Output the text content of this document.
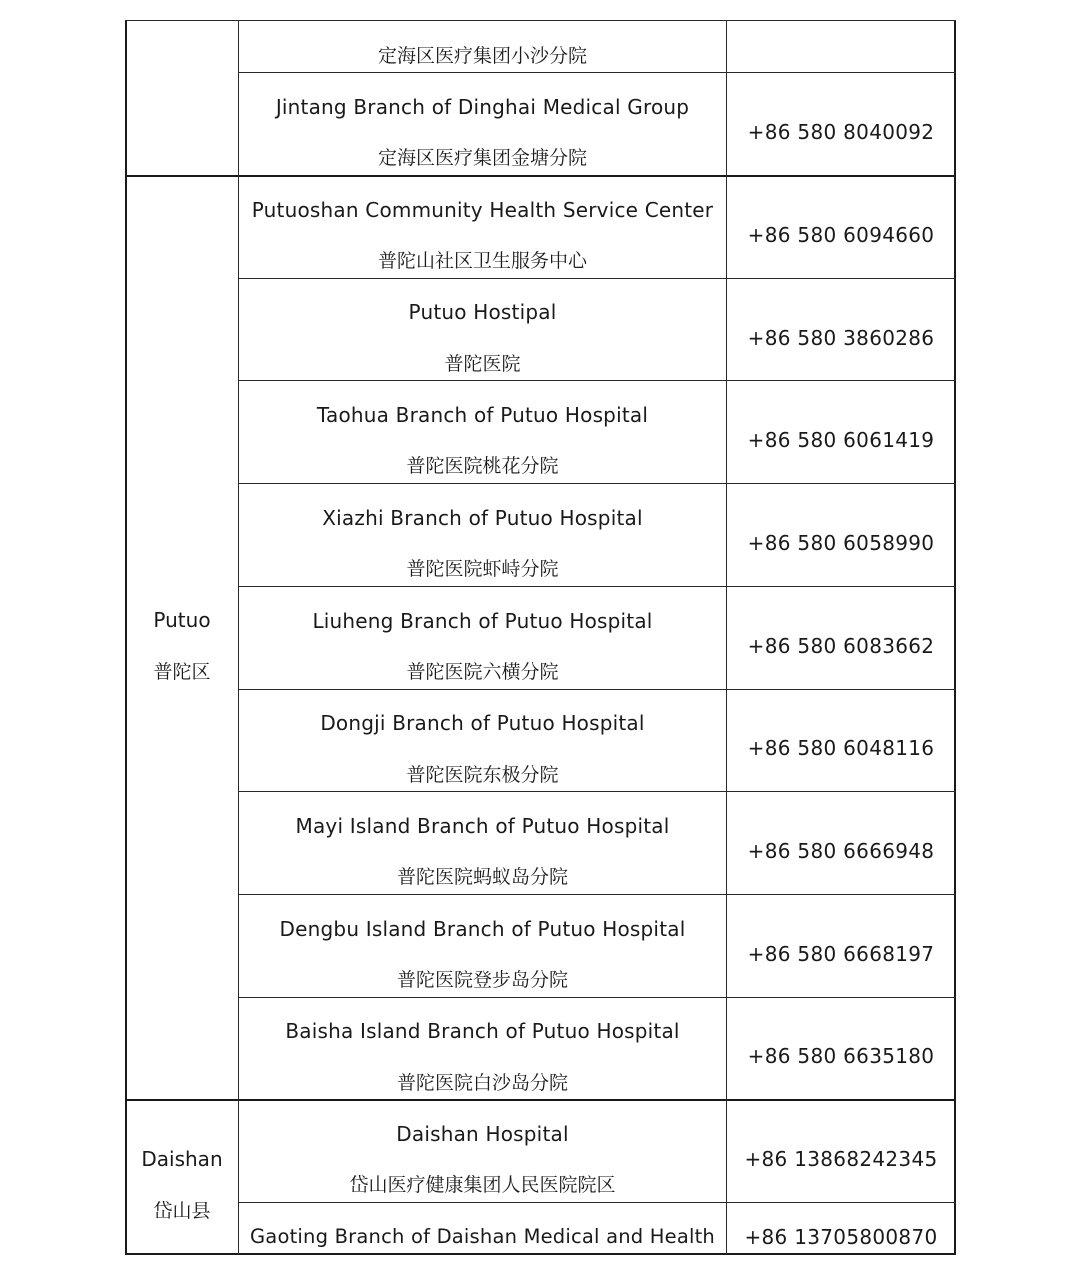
Putuo
普陀区
Daishan
岱山县
定海区医疗集团小沙分院
Jintang Branch of Dinghai Medical Group
定海区医疗集团金塘分院
+86 580 8040092
Putuoshan Community Health Service Center
普陀山社区卫生服务中心
+86 580 6094660
Putuo Hostipal
普陀医院
+86 580 3860286
Taohua Branch of Putuo Hospital
普陀医院桃花分院
+86 580 6061419
Xiazhi Branch of Putuo Hospital
普陀医院虾峙分院
+86 580 6058990
Liuheng Branch of Putuo Hospital
普陀医院六横分院
+86 580 6083662
Dongji Branch of Putuo Hospital
普陀医院东极分院
+86 580 6048116
Mayi Island Branch of Putuo Hospital
普陀医院蚂蚁岛分院
+86 580 6666948
Dengbu Island Branch of Putuo Hospital
普陀医院登步岛分院
+86 580 6668197
Baisha Island Branch of Putuo Hospital
普陀医院白沙岛分院
+86 580 6635180
Daishan Hospital
岱山医疗健康集团人民医院院区
+86 13868242345
Gaoting Branch of Daishan Medical and Health	+86 13705800870
